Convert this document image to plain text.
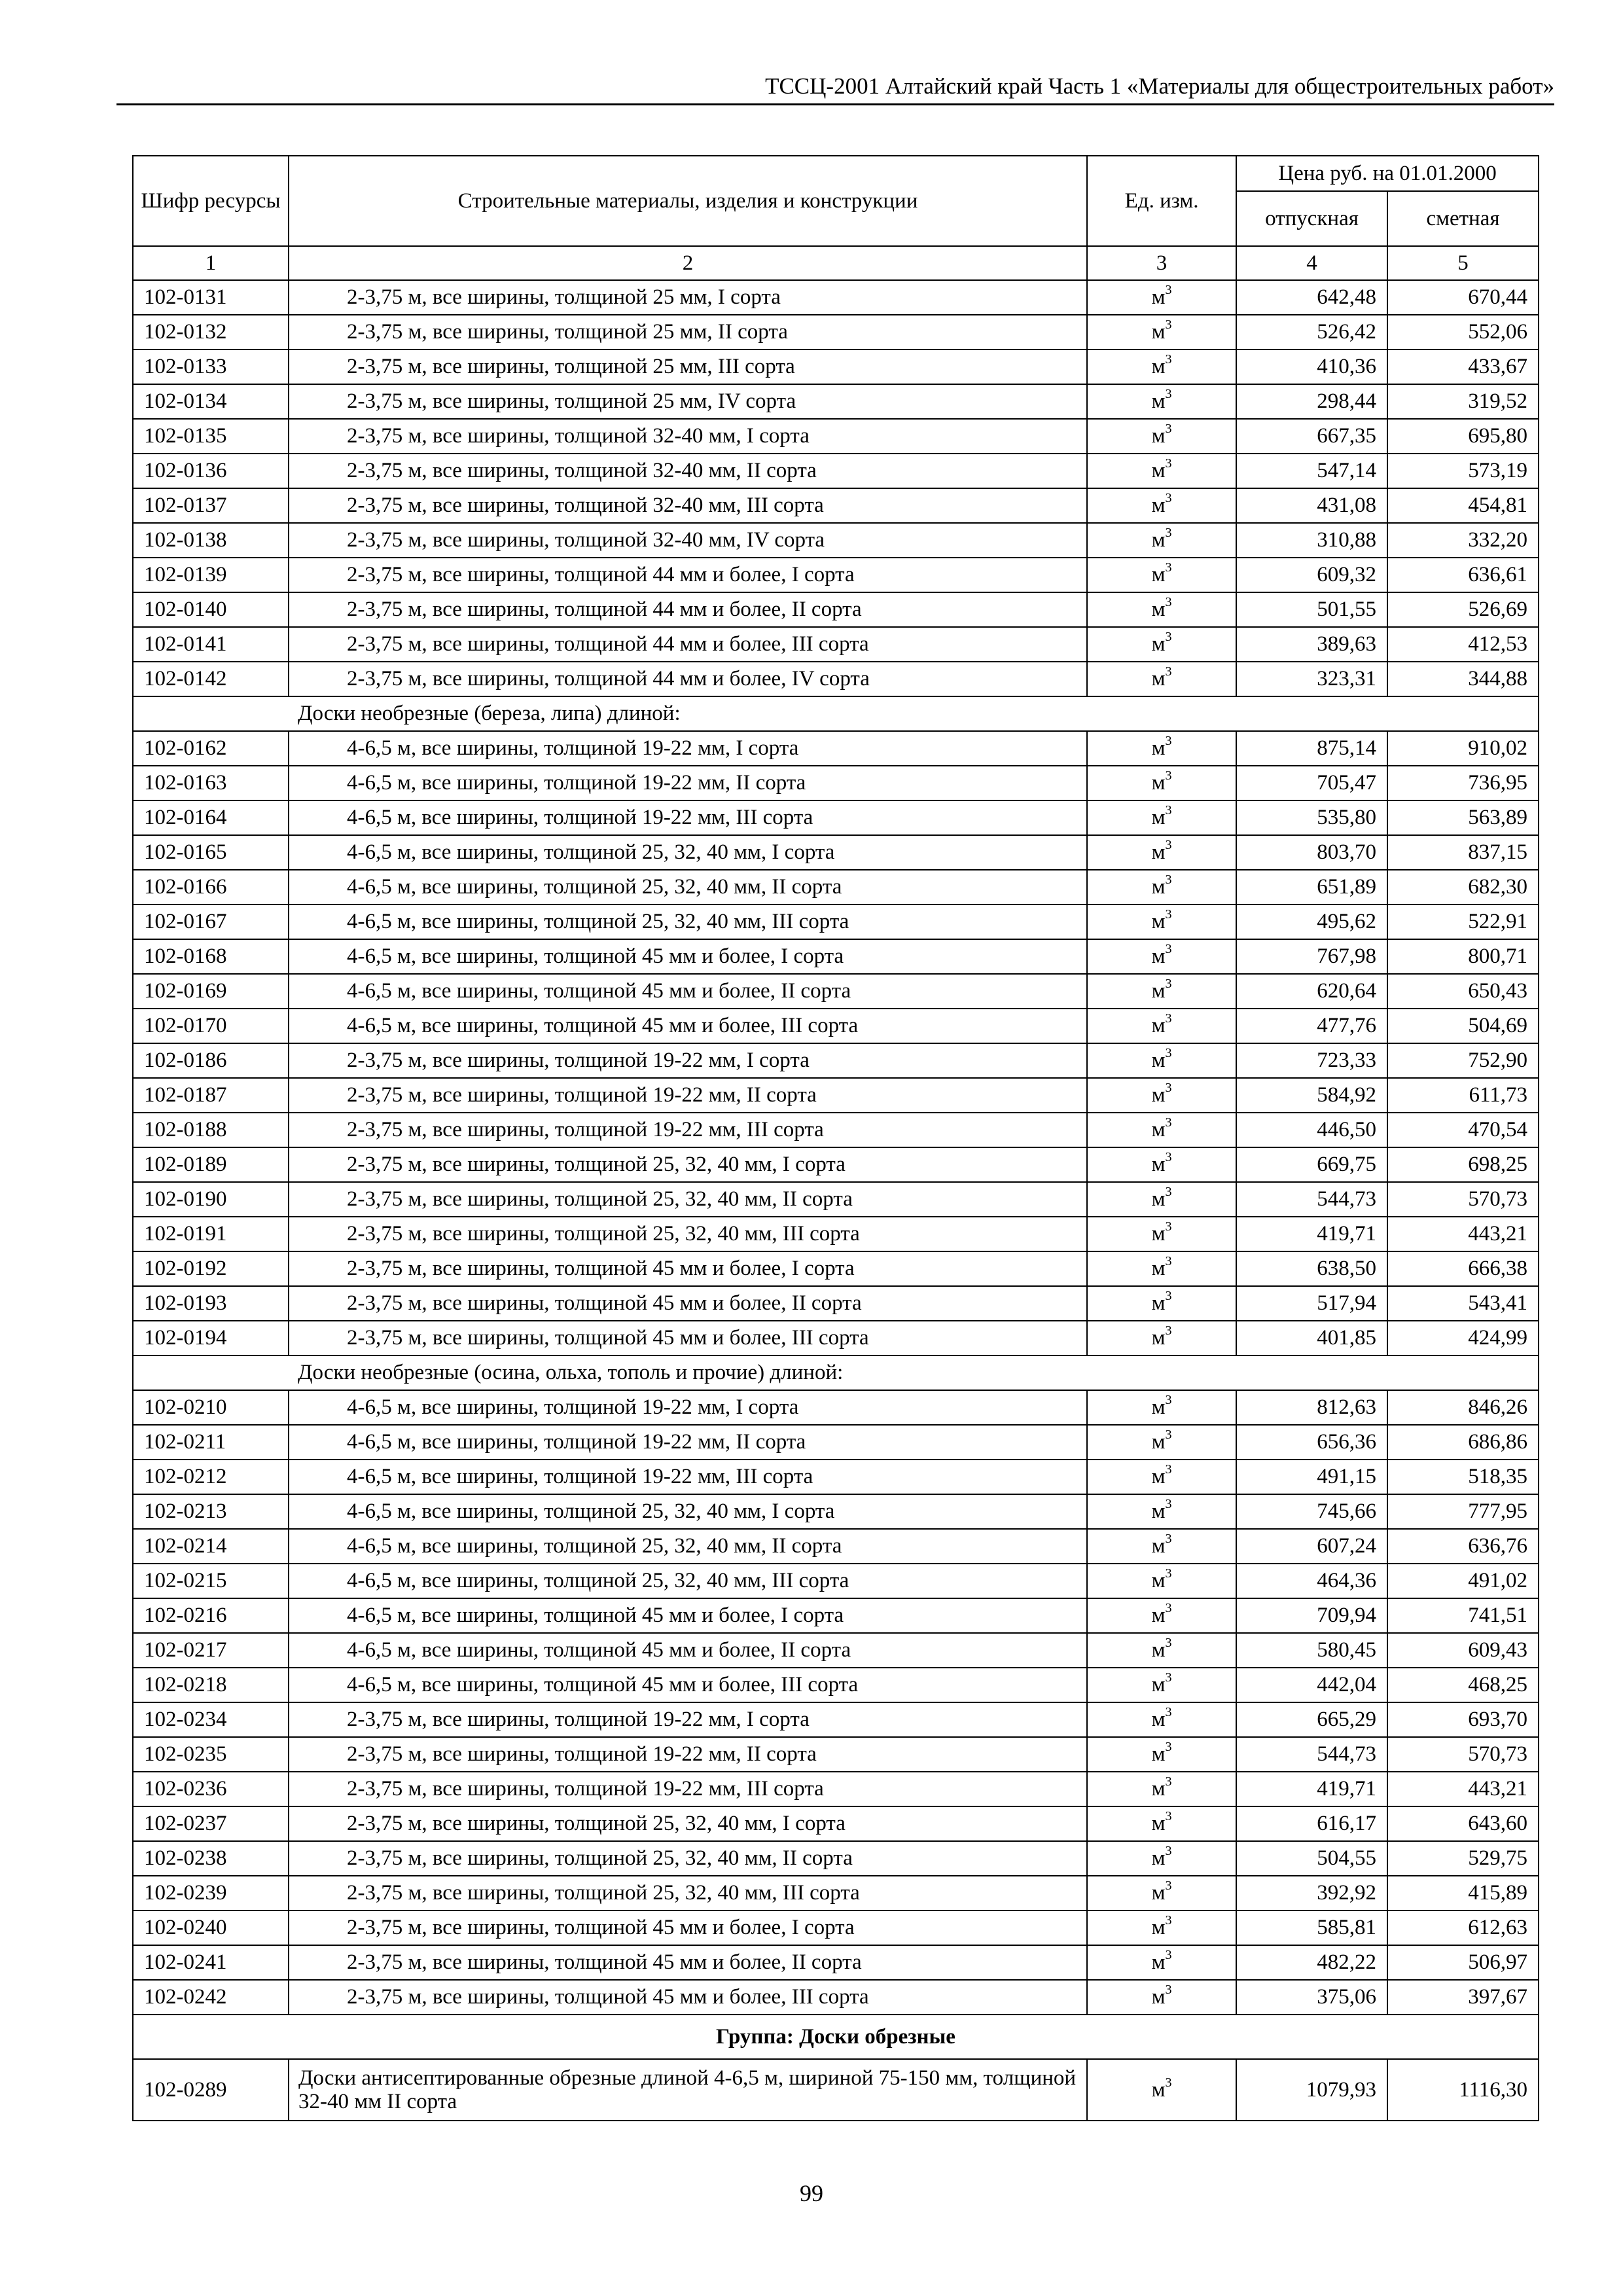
ТССЦ-2001 Алтайский край Часть 1 «Материалы для общестроительных работ»
Шифр ресурсы	Строительные материалы, изделия и конструкции	Ед. изм.	Цена руб. на 01.01.2000	
			отпускная	сметная
1	2	3	4	5
102-0131	2-3,75 м, все ширины, толщиной 25 мм, I сорта	$м^3$	642,48	670,44
102-0132	2-3,75 м, все ширины, толщиной 25 мм, II сорта	$м^3$	526,42	552,06
102-0133	2-3,75 м, все ширины, толщиной 25 мм, III сорта	$м^3$	410,36	433,67
102-0134	2-3,75 м, все ширины, толщиной 25 мм, IV сорта	$м^3$	298,44	319,52
102-0135	2-3,75 м, все ширины, толщиной 32-40 мм, I сорта	$м^3$	667,35	695,80
102-0136	2-3,75 м, все ширины, толщиной 32-40 мм, II сорта	$м^3$	547,14	573,19
102-0137	2-3,75 м, все ширины, толщиной 32-40 мм, III сорта	$м^3$	431,08	454,81
102-0138	2-3,75 м, все ширины, толщиной 32-40 мм, IV сорта	$м^3$	310,88	332,20
102-0139	2-3,75 м, все ширины, толщиной 44 мм и более, I сорта	$м^3$	609,32	636,61
102-0140	2-3,75 м, все ширины, толщиной 44 мм и более, II сорта	$м^3$	501,55	526,69
102-0141	2-3,75 м, все ширины, толщиной 44 мм и более, III сорта	$м^3$	389,63	412,53
102-0142	2-3,75 м, все ширины, толщиной 44 мм и более, IV сорта	$м^3$	323,31	344,88
	Доски необрезные (береза, липа) длиной:			
102-0162	4-6,5 м, все ширины, толщиной 19-22 мм, I сорта	$м^3$	875,14	910,02
102-0163	4-6,5 м, все ширины, толщиной 19-22 мм, II сорта	$м^3$	705,47	736,95
102-0164	4-6,5 м, все ширины, толщиной 19-22 мм, III сорта	$м^3$	535,80	563,89
102-0165	4-6,5 м, все ширины, толщиной 25, 32, 40 мм, I сорта	$м^3$	803,70	837,15
102-0166	4-6,5 м, все ширины, толщиной 25, 32, 40 мм, II сорта	$м^3$	651,89	682,30
102-0167	4-6,5 м, все ширины, толщиной 25, 32, 40 мм, III сорта	$м^3$	495,62	522,91
102-0168	4-6,5 м, все ширины, толщиной 45 мм и более, I сорта	$м^3$	767,98	800,71
102-0169	4-6,5 м, все ширины, толщиной 45 мм и более, II сорта	$м^3$	620,64	650,43
102-0170	4-6,5 м, все ширины, толщиной 45 мм и более, III сорта	$м^3$	477,76	504,69
102-0186	2-3,75 м, все ширины, толщиной 19-22 мм, I сорта	$м^3$	723,33	752,90
102-0187	2-3,75 м, все ширины, толщиной 19-22 мм, II сорта	$м^3$	584,92	611,73
102-0188	2-3,75 м, все ширины, толщиной 19-22 мм, III сорта	$м^3$	446,50	470,54
102-0189	2-3,75 м, все ширины, толщиной 25, 32, 40 мм, I сорта	$м^3$	669,75	698,25
102-0190	2-3,75 м, все ширины, толщиной 25, 32, 40 мм, II сорта	$м^3$	544,73	570,73
102-0191	2-3,75 м, все ширины, толщиной 25, 32, 40 мм, III сорта	$м^3$	419,71	443,21
102-0192	2-3,75 м, все ширины, толщиной 45 мм и более, I сорта	$м^3$	638,50	666,38
102-0193	2-3,75 м, все ширины, толщиной 45 мм и более, II сорта	$м^3$	517,94	543,41
102-0194	2-3,75 м, все ширины, толщиной 45 мм и более, III сорта	$м^3$	401,85	424,99
	Доски необрезные (осина, ольха, тополь и прочие) длиной:			
102-0210	4-6,5 м, все ширины, толщиной 19-22 мм, I сорта	$м^3$	812,63	846,26
102-0211	4-6,5 м, все ширины, толщиной 19-22 мм, II сорта	$м^3$	656,36	686,86
102-0212	4-6,5 м, все ширины, толщиной 19-22 мм, III сорта	$м^3$	491,15	518,35
102-0213	4-6,5 м, все ширины, толщиной 25, 32, 40 мм, I сорта	$м^3$	745,66	777,95
102-0214	4-6,5 м, все ширины, толщиной 25, 32, 40 мм, II сорта	$м^3$	607,24	636,76
102-0215	4-6,5 м, все ширины, толщиной 25, 32, 40 мм, III сорта	$м^3$	464,36	491,02
102-0216	4-6,5 м, все ширины, толщиной 45 мм и более, I сорта	$м^3$	709,94	741,51
102-0217	4-6,5 м, все ширины, толщиной 45 мм и более, II сорта	$м^3$	580,45	609,43
102-0218	4-6,5 м, все ширины, толщиной 45 мм и более, III сорта	$м^3$	442,04	468,25
102-0234	2-3,75 м, все ширины, толщиной 19-22 мм, I сорта	$м^3$	665,29	693,70
102-0235	2-3,75 м, все ширины, толщиной 19-22 мм, II сорта	$м^3$	544,73	570,73
102-0236	2-3,75 м, все ширины, толщиной 19-22 мм, III сорта	$м^3$	419,71	443,21
102-0237	2-3,75 м, все ширины, толщиной 25, 32, 40 мм, I сорта	$м^3$	616,17	643,60
102-0238	2-3,75 м, все ширины, толщиной 25, 32, 40 мм, II сорта	$м^3$	504,55	529,75
102-0239	2-3,75 м, все ширины, толщиной 25, 32, 40 мм, III сорта	$м^3$	392,92	415,89
102-0240	2-3,75 м, все ширины, толщиной 45 мм и более, I сорта	$м^3$	585,81	612,63
102-0241	2-3,75 м, все ширины, толщиной 45 мм и более, II сорта	$м^3$	482,22	506,97
102-0242	2-3,75 м, все ширины, толщиной 45 мм и более, III сорта	$м^3$	375,06	397,67
Группа: Доски обрезные				
102-0289	Доски антисептированные обрезные длиной 4-6,5 м, шириной 75-150 мм, толщиной 32-40 мм II сорта	$м^3$	1079,93	1116,30
99
